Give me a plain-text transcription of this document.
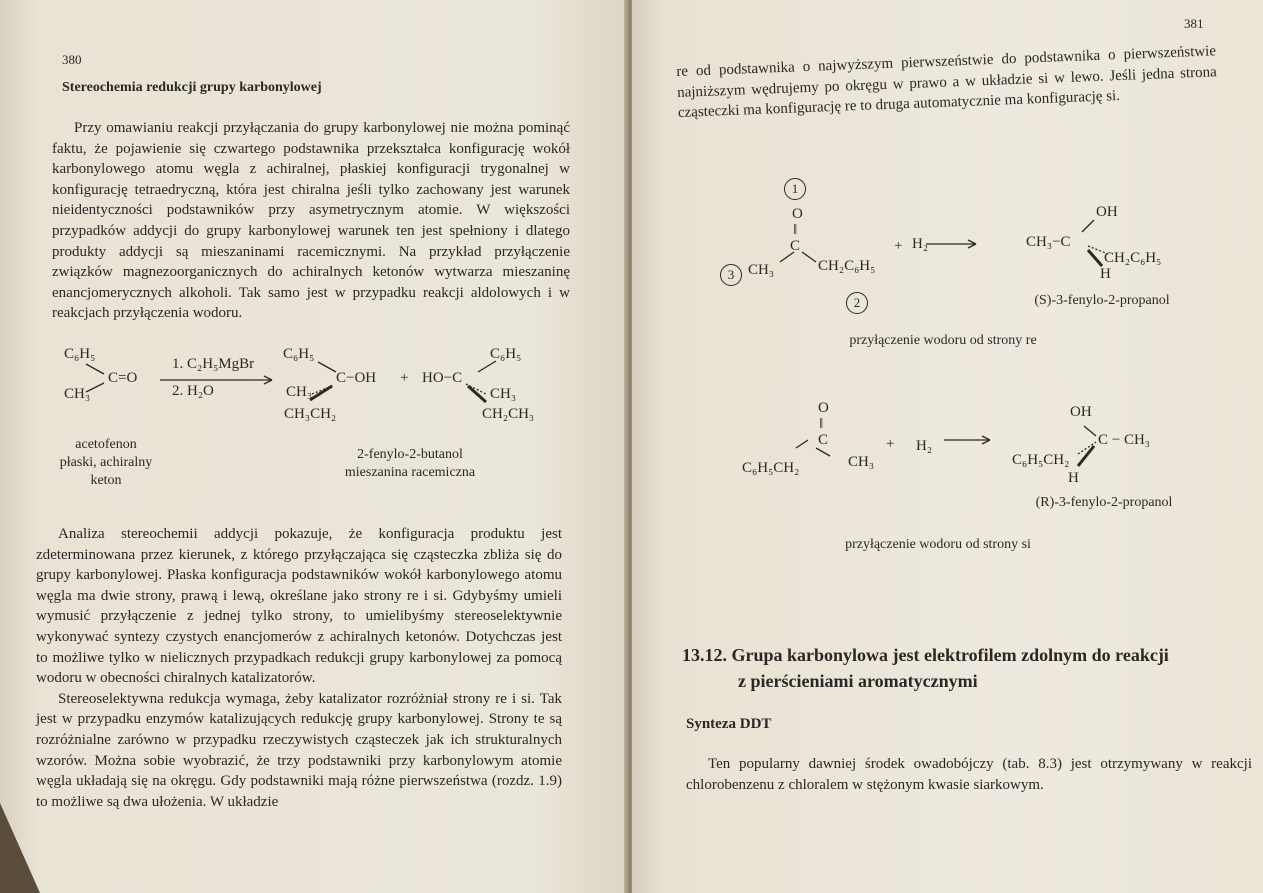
380
Stereochemia redukcji grupy karbonylowej

Przy omawianiu reakcji przyłączania do grupy karbonylowej nie można pominąć faktu, że pojawienie się czwartego podstawnika przekształca konfigurację wokół karbonylowego atomu węgla z achiralnej, płaskiej konfiguracji trygonalnej w konfigurację tetraedryczną, która jest chiralna jeśli tylko zachowany jest warunek nieidentyczności podstawników przy asymetrycznym atomie. W większości przypadków addycji do grupy karbonylowej warunek ten jest spełniony i dlatego produkty addycji są mieszaninami racemicznymi. Na przykład przyłączenie związków magnezoorganicznych do achiralnych ketonów wytwarza mieszaninę enancjomerycznych alkoholi. Tak samo jest w przypadku reakcji aldolowych i w reakcjach przyłączenia wodoru.

C₆H₅
C=O
CH₃
1. C₂H₅MgBr
2. H₂O
C₆H₅
C−OH
CH₃
CH₃CH₂
+ HO−C
C₆H₅
CH₃
CH₂CH₃
acetofenon
płaski, achiralny
keton
2-fenylo-2-butanol
mieszanina racemiczna

Analiza stereochemii addycji pokazuje, że konfiguracja produktu jest zdeterminowana przez kierunek, z którego przyłączająca się cząsteczka zbliża się do grupy karbonylowej. Płaska konfiguracja podstawników wokół karbonylowego atomu węgla ma dwie strony, prawą i lewą, określane jako strony re i si. Gdybyśmy umieli wymusić przyłączenie z jednej tylko strony, to umielibyśmy stereoselektywnie wykonywać syntezy czystych enancjomerów z achiralnych ketonów. Dotychczas jest to możliwe tylko w nielicznych przypadkach redukcji grupy karbonylowej za pomocą wodoru w obecności chiralnych katalizatorów.

Stereoselektywna redukcja wymaga, żeby katalizator rozróżniał strony re i si. Tak jest w przypadku enzymów katalizujących redukcję grupy karbonylowej. Strony te są rozróżnialne zarówno w przypadku rzeczywistych cząsteczek jak ich strukturalnych wzorów. Można sobie wyobrazić, że trzy podstawniki przy karbonylowym atomie węgla układają się na okręgu. Gdy podstawniki mają różne pierwszeństwa (rozdz. 1.9) to możliwe są dwa ułożenia. W układzie

381

re od podstawnika o najwyższym pierwszeństwie do podstawnika o pierwszeństwie najniższym wędrujemy po okręgu w prawo a w układzie si w lewo. Jeśli jedna strona cząsteczki ma konfigurację re to druga automatycznie ma konfigurację si.

1
O
‖
C
3 CH₃	CH₂C₆H₅
2
+ H₂
OH
CH₃−C
CH₂C₆H₅
H
(S)-3-fenylo-2-propanol
przyłączenie wodoru od strony re
O
‖
C
C₆H₅CH₂	CH₃
+ H₂
OH
C₆H₅CH₂
C − CH₃
H
(R)-3-fenylo-2-propanol
przyłączenie wodoru od strony si
13.12. Grupa karbonylowa jest elektrofilem zdolnym do reakcji
z pierścieniami aromatycznymi
Synteza DDT

Ten popularny dawniej środek owadobójczy (tab. 8.3) jest otrzymywany w reakcji chlorobenzenu z chloralem w stężonym kwasie siarkowym.
